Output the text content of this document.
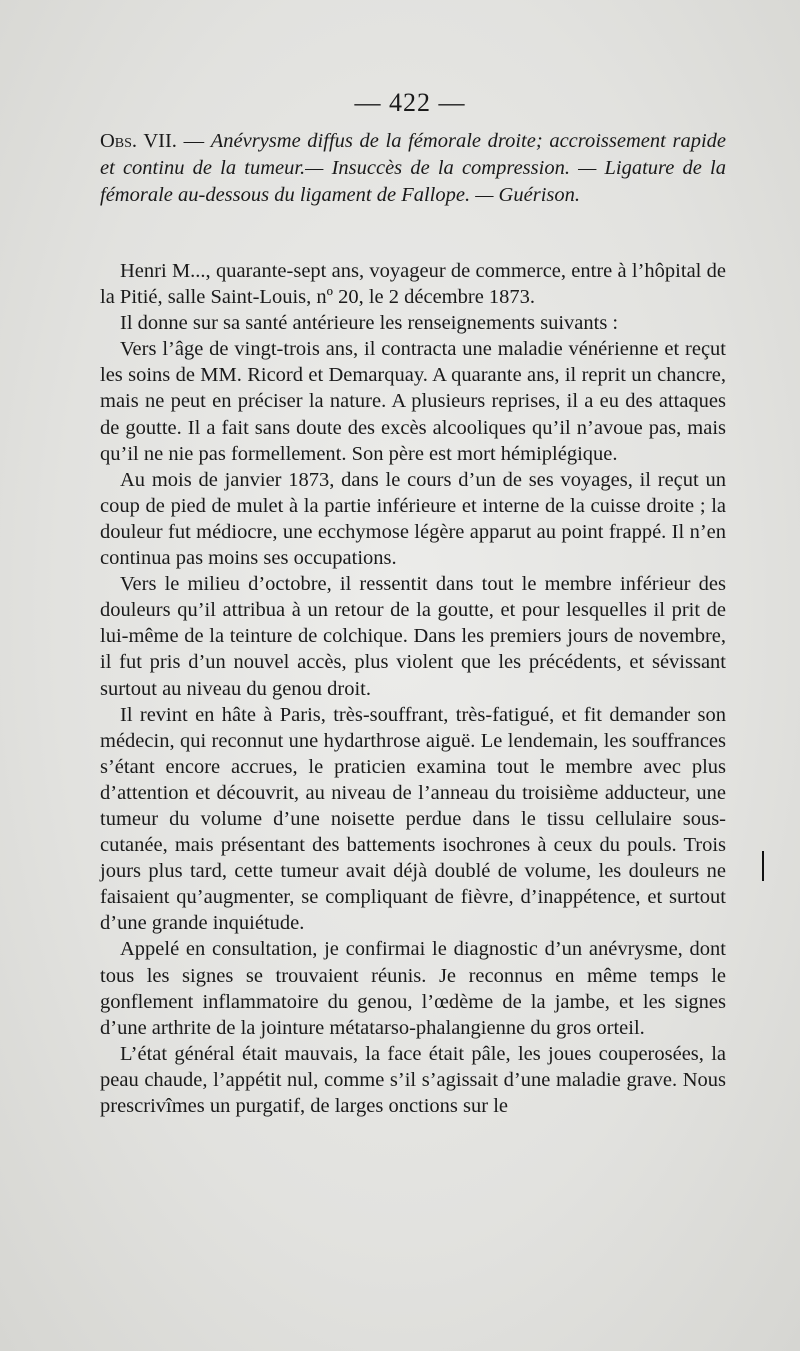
— 422 —
Obs. VII. — Anévrysme diffus de la fémorale droite; accroissement rapide et continu de la tumeur.— Insuccès de la compression. — Ligature de la fémorale au-dessous du ligament de Fallope. — Guérison.

Henri M..., quarante-sept ans, voyageur de commerce, entre à l’hôpital de la Pitié, salle Saint-Louis, nº 20, le 2 décembre 1873.

Il donne sur sa santé antérieure les renseignements suivants :

Vers l’âge de vingt-trois ans, il contracta une maladie vénérienne et reçut les soins de MM. Ricord et Demarquay. A quarante ans, il reprit un chancre, mais ne peut en préciser la nature. A plusieurs reprises, il a eu des attaques de goutte. Il a fait sans doute des excès alcooliques qu’il n’avoue pas, mais qu’il ne nie pas formellement. Son père est mort hémiplégique.

Au mois de janvier 1873, dans le cours d’un de ses voyages, il reçut un coup de pied de mulet à la partie inférieure et interne de la cuisse droite ; la douleur fut médiocre, une ecchymose légère apparut au point frappé. Il n’en continua pas moins ses occupations.

Vers le milieu d’octobre, il ressentit dans tout le membre inférieur des douleurs qu’il attribua à un retour de la goutte, et pour lesquelles il prit de lui-même de la teinture de colchique. Dans les premiers jours de novembre, il fut pris d’un nouvel accès, plus violent que les précédents, et sévissant surtout au niveau du genou droit.

Il revint en hâte à Paris, très-souffrant, très-fatigué, et fit demander son médecin, qui reconnut une hydarthrose aiguë. Le lendemain, les souffrances s’étant encore accrues, le praticien examina tout le membre avec plus d’attention et découvrit, au niveau de l’anneau du troisième adducteur, une tumeur du volume d’une noisette perdue dans le tissu cellulaire sous-cutanée, mais présentant des battements isochrones à ceux du pouls. Trois jours plus tard, cette tumeur avait déjà doublé de volume, les douleurs ne faisaient qu’augmenter, se compliquant de fièvre, d’inappétence, et surtout d’une grande inquiétude.

Appelé en consultation, je confirmai le diagnostic d’un anévrysme, dont tous les signes se trouvaient réunis. Je reconnus en même temps le gonflement inflammatoire du genou, l’œdème de la jambe, et les signes d’une arthrite de la jointure métatarso-phalangienne du gros orteil.

L’état général était mauvais, la face était pâle, les joues couperosées, la peau chaude, l’appétit nul, comme s’il s’agissait d’une maladie grave. Nous prescrivîmes un purgatif, de larges onctions sur le
